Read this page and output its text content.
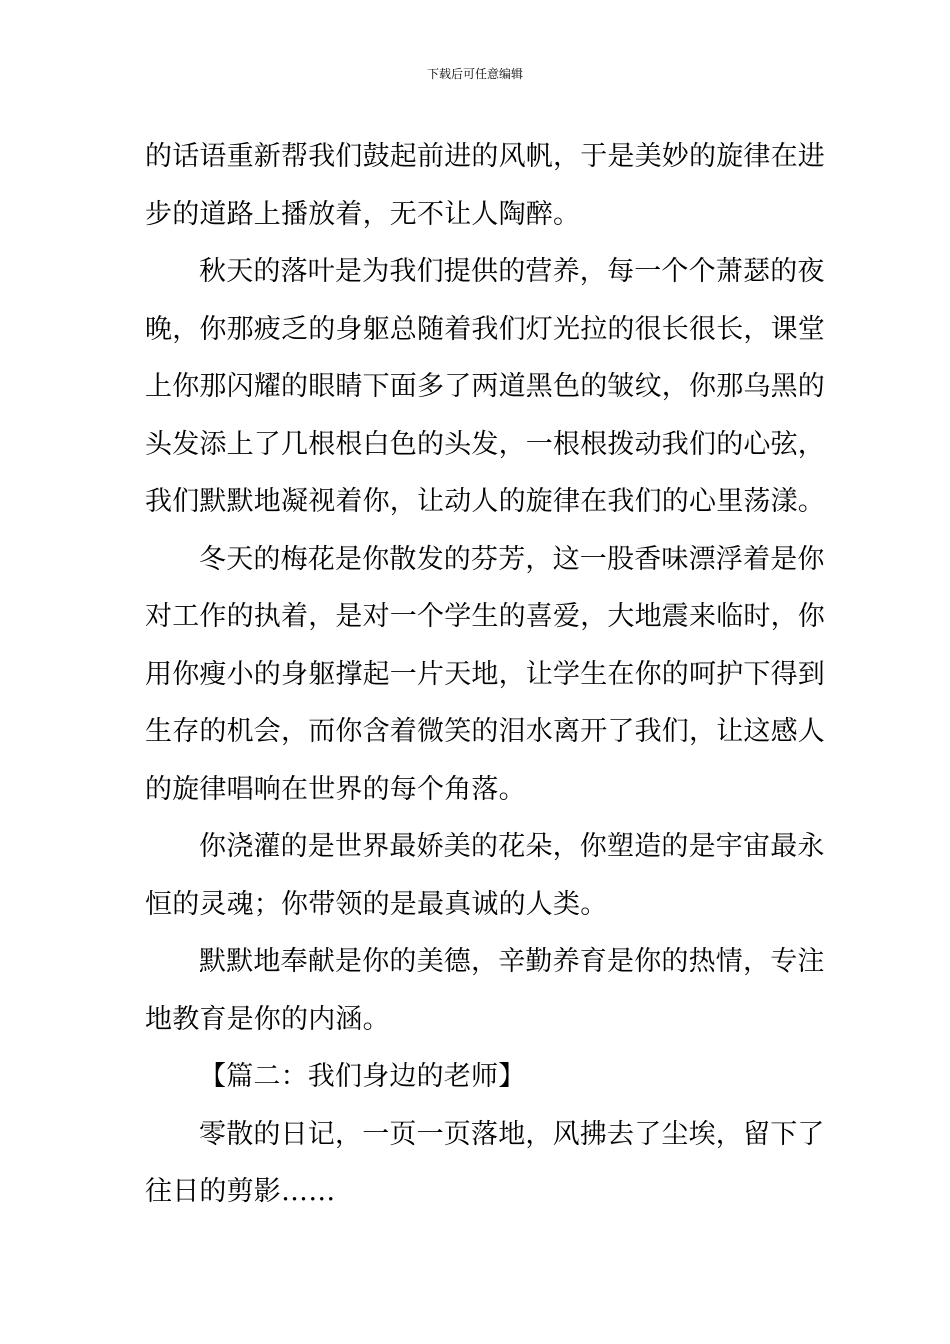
下载后可任意编辑

的话语重新帮我们鼓起前进的风帆，于是美妙的旋律在进
步的道路上播放着，无不让人陶醉。

秋天的落叶是为我们提供的营养，每一个个萧瑟的夜
晚，你那疲乏的身躯总随着我们灯光拉的很长很长，课堂
上你那闪耀的眼睛下面多了两道黑色的皱纹，你那乌黑的
头发添上了几根根白色的头发，一根根拨动我们的心弦，
我们默默地凝视着你，让动人的旋律在我们的心里荡漾。

冬天的梅花是你散发的芬芳，这一股香味漂浮着是你
对工作的执着，是对一个学生的喜爱，大地震来临时，你
用你瘦小的身躯撑起一片天地，让学生在你的呵护下得到
生存的机会，而你含着微笑的泪水离开了我们，让这感人
的旋律唱响在世界的每个角落。

你浇灌的是世界最娇美的花朵，你塑造的是宇宙最永
恒的灵魂；你带领的是最真诚的人类。

默默地奉献是你的美德，辛勤养育是你的热情，专注
地教育是你的内涵。

【篇二：我们身边的老师】

零散的日记，一页一页落地，风拂去了尘埃，留下了
往日的剪影……
